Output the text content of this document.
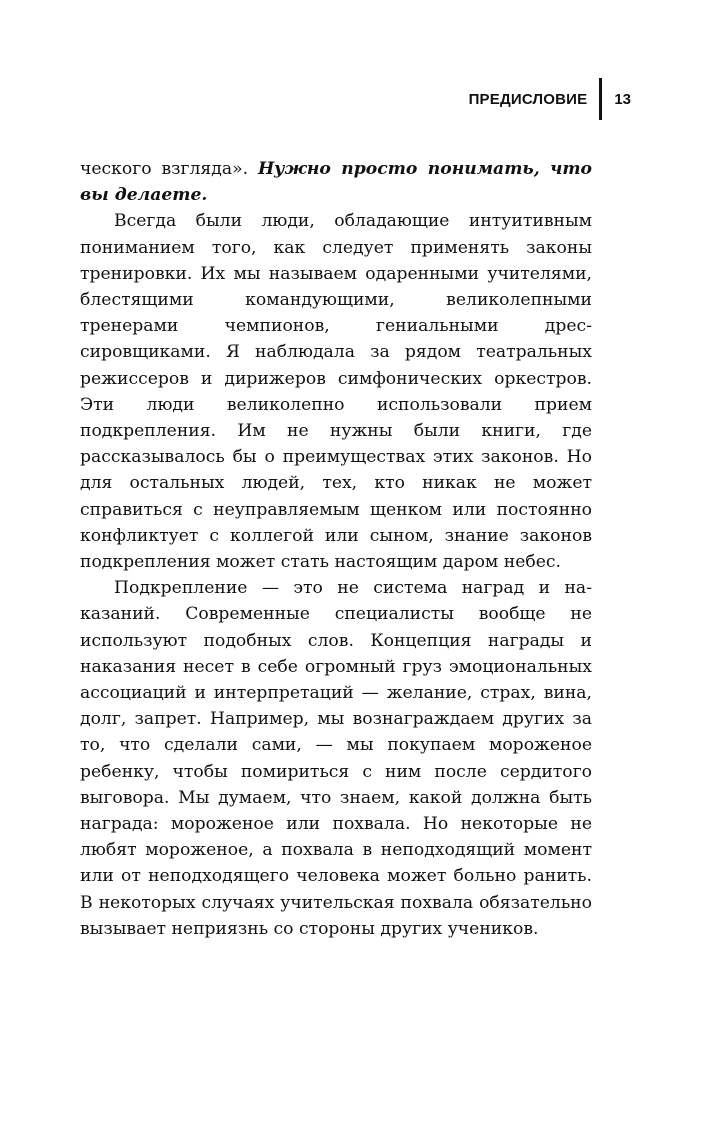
ПРЕДИСЛОВИЕ 13

ческого взгляда». Нужно просто понимать, что вы делаете.

Всегда были люди, обладающие интуитивным пониманием того, как следует применять законы тренировки. Их мы называем одаренными учителями, блестящими командующими, великолепными тренерами чемпионов, гениальными дрессировщиками. Я наблюдала за рядом театральных режиссеров и дирижеров симфонических оркестров. Эти люди великолепно использовали прием подкрепления. Им не нужны были книги, где рассказывалось бы о преимуществах этих законов. Но для остальных людей, тех, кто никак не может справиться с неуправляемым щенком или постоянно конфликтует с коллегой или сыном, знание законов подкрепления может стать настоящим даром небес.

Подкрепление — это не система наград и наказаний. Современные специалисты вообще не используют подобных слов. Концепция награды и наказания несет в себе огромный груз эмоциональных ассоциаций и интерпретаций — желание, страх, вина, долг, запрет. Например, мы вознаграждаем других за то, что сделали сами, — мы покупаем мороженое ребенку, чтобы помириться с ним после сердитого выговора. Мы думаем, что знаем, какой должна быть награда: мороженое или похвала. Но некоторые не любят мороженое, а похвала в неподходящий момент или от неподходящего человека может больно ранить. В некоторых случаях учительская похвала обязательно вызывает неприязнь со стороны других учеников.
